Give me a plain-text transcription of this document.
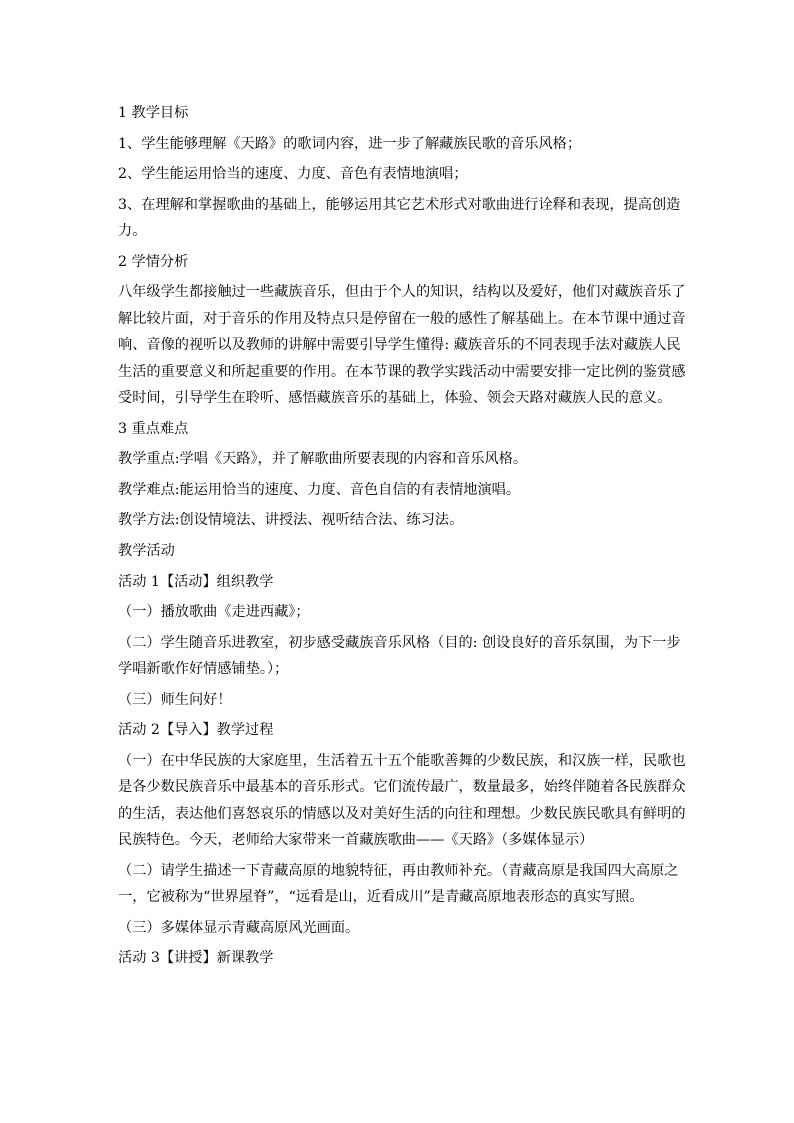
1 教学目标
1、学生能够理解《天路》的歌词内容，进一步了解藏族民歌的音乐风格；
2、学生能运用恰当的速度、力度、音色有表情地演唱；
3、在理解和掌握歌曲的基础上，能够运用其它艺术形式对歌曲进行诠释和表现，提高创造
力。
2 学情分析
八年级学生都接触过一些藏族音乐，但由于个人的知识，结构以及爱好，他们对藏族音乐了
解比较片面，对于音乐的作用及特点只是停留在一般的感性了解基础上。在本节课中通过音
响、音像的视听以及教师的讲解中需要引导学生懂得: 藏族音乐的不同表现手法对藏族人民
生活的重要意义和所起重要的作用。在本节课的教学实践活动中需要安排一定比例的鉴赏感
受时间，引导学生在聆听、感悟藏族音乐的基础上，体验、领会天路对藏族人民的意义。
3 重点难点
教学重点:学唱《天路》，并了解歌曲所要表现的内容和音乐风格。
教学难点:能运用恰当的速度、力度、音色自信的有表情地演唱。
教学方法:创设情境法、讲授法、视听结合法、练习法。
教学活动
活动 1【活动】组织教学
（一）播放歌曲《走进西藏》；
（二）学生随音乐进教室，初步感受藏族音乐风格（目的: 创设良好的音乐氛围，为下一步
学唱新歌作好情感铺垫。）；
（三）师生问好！
活动 2【导入】教学过程
（一）在中华民族的大家庭里，生活着五十五个能歌善舞的少数民族，和汉族一样，民歌也
是各少数民族音乐中最基本的音乐形式。它们流传最广，数量最多，始终伴随着各民族群众
的生活，表达他们喜怒哀乐的情感以及对美好生活的向往和理想。少数民族民歌具有鲜明的
民族特色。今天，老师给大家带来一首藏族歌曲——《天路》（多媒体显示）
（二）请学生描述一下青藏高原的地貌特征，再由教师补充。（青藏高原是我国四大高原之
一，它被称为“世界屋脊”，“远看是山，近看成川”是青藏高原地表形态的真实写照。
（三）多媒体显示青藏高原风光画面。
活动 3【讲授】新课教学
